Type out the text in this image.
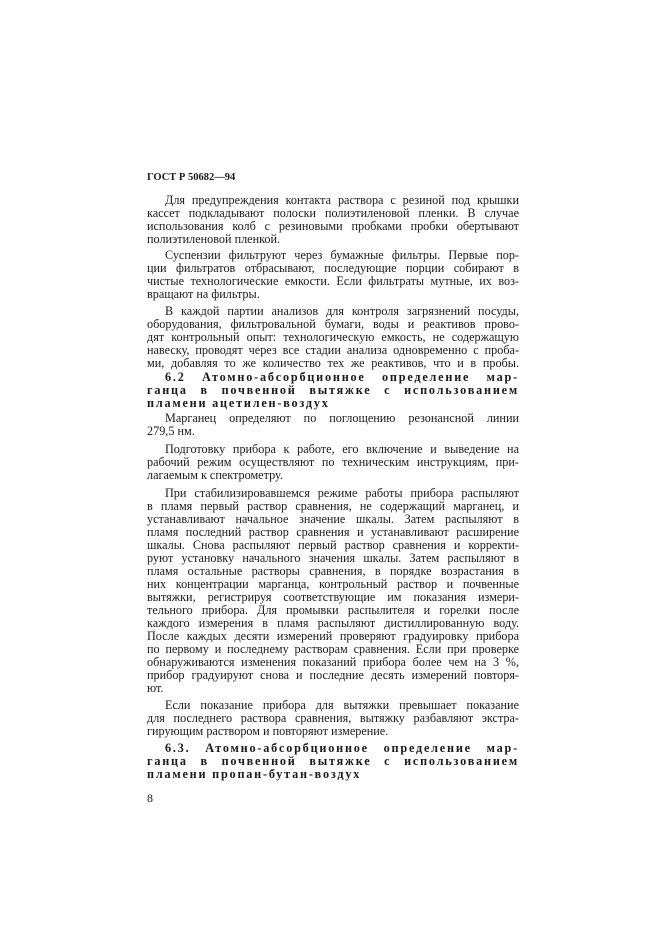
ГОСТ Р 50682—94
Для предупреждения контакта раствора с резиной под крышки
кассет подкладывают полоски полиэтиленовой пленки. В случае
использования колб с резиновыми пробками пробки обертывают
полиэтиленовой пленкой.
Суспензии фильтруют через бумажные фильтры. Первые пор-
ции фильтратов отбрасывают, последующие порции собирают в
чистые технологические емкости. Если фильтраты мутные, их воз-
вращают на фильтры.
В каждой партии анализов для контроля загрязнений посуды,
оборудования, фильтровальной бумаги, воды и реактивов прово-
дят контрольный опыт: технологическую емкость, не содержащую
навеску, проводят через все стадии анализа одновременно с проба-
ми, добавляя то же количество тех же реактивов, что и в пробы.
6.2 Атомно-абсорбционное определение мар-
ганца в почвенной вытяжке с использованием
пламени ацетилен-воздух
Марганец определяют по поглощению резонансной линии
279,5 нм.
Подготовку прибора к работе, его включение и выведение на
рабочий режим осуществляют по техническим инструкциям, при-
лагаемым к спектрометру.
При стабилизировавшемся режиме работы прибора распыляют
в пламя первый раствор сравнения, не содержащий марганец, и
устанавливают начальное значение шкалы. Затем распыляют в
пламя последний раствор сравнения и устанавливают расширение
шкалы. Снова распыляют первый раствор сравнения и корректи-
руют установку начального значения шкалы. Затем распыляют в
пламя остальные растворы сравнения, в порядке возрастания в
них концентрации марганца, контрольный раствор и почвенные
вытяжки, регистрируя соответствующие им показания измери-
тельного прибора. Для промывки распылителя и горелки после
каждого измерения в пламя распыляют дистиллированную воду.
После каждых десяти измерений проверяют градуировку прибора
по первому и последнему растворам сравнения. Если при проверке
обнаруживаются изменения показаний прибора более чем на 3 %,
прибор градуируют снова и последние десять измерений повторя-
ют.
Если показание прибора для вытяжки превышает показание
для последнего раствора сравнения, вытяжку разбавляют экстра-
гирующим раствором и повторяют измерение.
6.3. Атомно-абсорбционное определение мар-
ганца в почвенной вытяжке с использованием
пламени пропан-бутан-воздух
8
